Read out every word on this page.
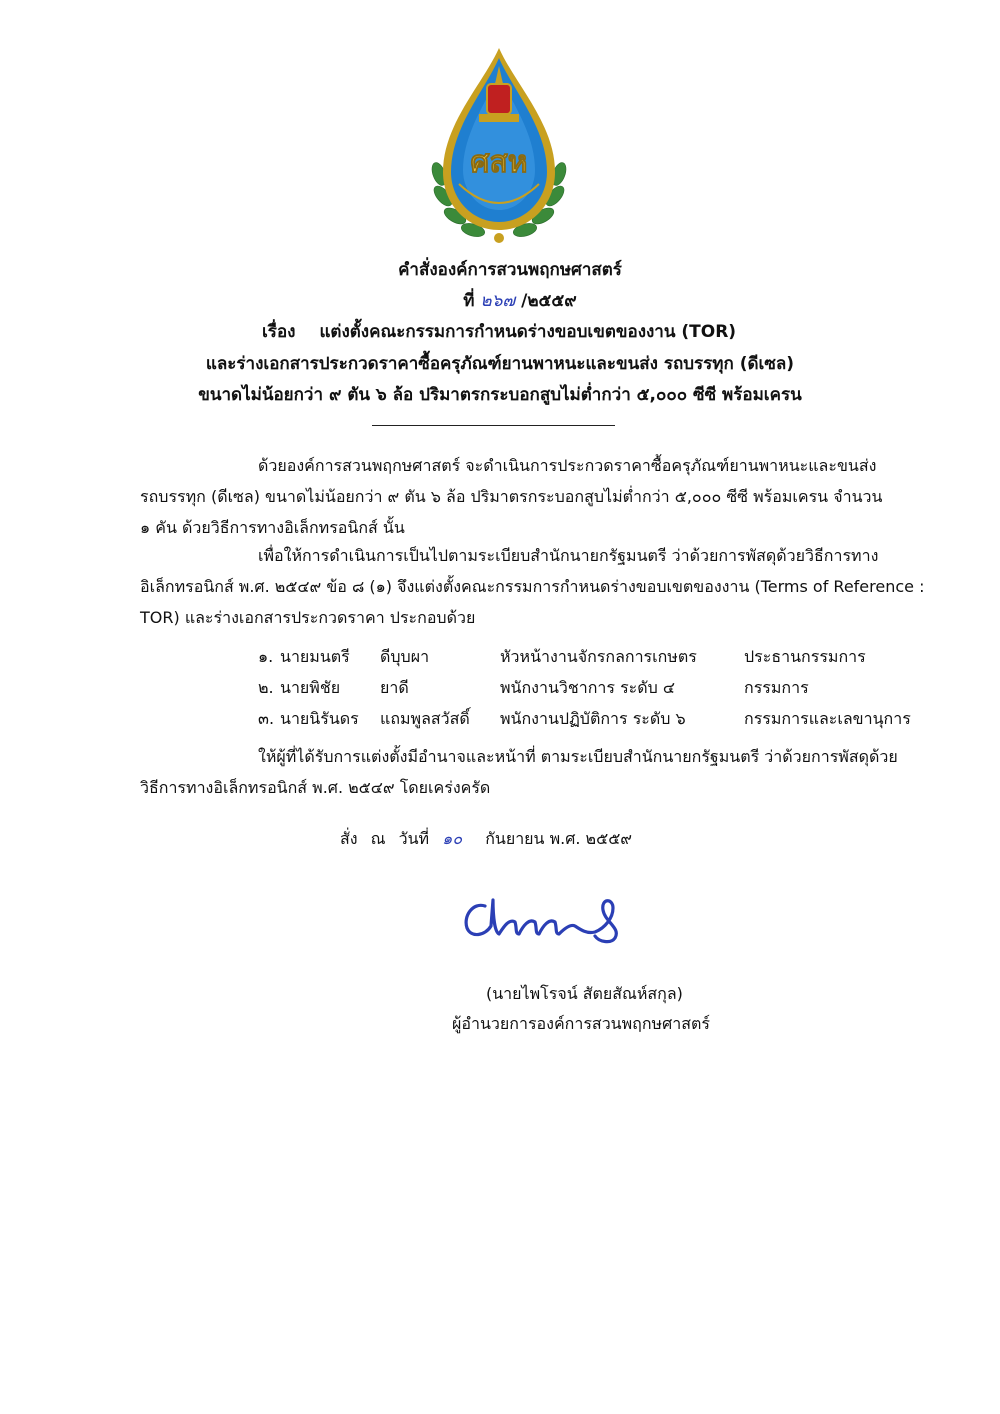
ศสห
คำสั่งองค์การสวนพฤกษศาสตร์
ที่ ๒๖๗ /๒๕๕๙
เรื่อง แต่งตั้งคณะกรรมการกำหนดร่างขอบเขตของงาน (TOR)
และร่างเอกสารประกวดราคาซื้อครุภัณฑ์ยานพาหนะและขนส่ง รถบรรทุก (ดีเซล)
ขนาดไม่น้อยกว่า ๙ ตัน ๖ ล้อ ปริมาตรกระบอกสูบไม่ต่ำกว่า ๕,๐๐๐ ซีซี พร้อมเครน
ด้วยองค์การสวนพฤกษศาสตร์ จะดำเนินการประกวดราคาซื้อครุภัณฑ์ยานพาหนะและขนส่ง
รถบรรทุก (ดีเซล) ขนาดไม่น้อยกว่า ๙ ตัน ๖ ล้อ ปริมาตรกระบอกสูบไม่ต่ำกว่า ๕,๐๐๐ ซีซี พร้อมเครน จำนวน
๑ คัน ด้วยวิธีการทางอิเล็กทรอนิกส์ นั้น
เพื่อให้การดำเนินการเป็นไปตามระเบียบสำนักนายกรัฐมนตรี ว่าด้วยการพัสดุด้วยวิธีการทาง
อิเล็กทรอนิกส์ พ.ศ. ๒๕๔๙ ข้อ ๘ (๑) จึงแต่งตั้งคณะกรรมการกำหนดร่างขอบเขตของงาน (Terms of Reference :
TOR) และร่างเอกสารประกวดราคา ประกอบด้วย
๑. นายมนตรี ดีบุบผา	หัวหน้างานจักรกลการเกษตร	ประธานกรรมการ
๒. นายพิชัย ยาดี	พนักงานวิชาการ ระดับ ๔	กรรมการ
๓. นายนิรันดร แถมพูลสวัสดิ์ พนักงานปฏิบัติการ ระดับ ๖	กรรมการและเลขานุการ
ให้ผู้ที่ได้รับการแต่งตั้งมีอำนาจและหน้าที่ ตามระเบียบสำนักนายกรัฐมนตรี ว่าด้วยการพัสดุด้วย
วิธีการทางอิเล็กทรอนิกส์ พ.ศ. ๒๕๔๙ โดยเคร่งครัด
สั่ง ณ วันที่ ๑๐ กันยายน พ.ศ. ๒๕๕๙
(นายไพโรจน์ สัตยสัณห์สกุล)
ผู้อำนวยการองค์การสวนพฤกษศาสตร์
